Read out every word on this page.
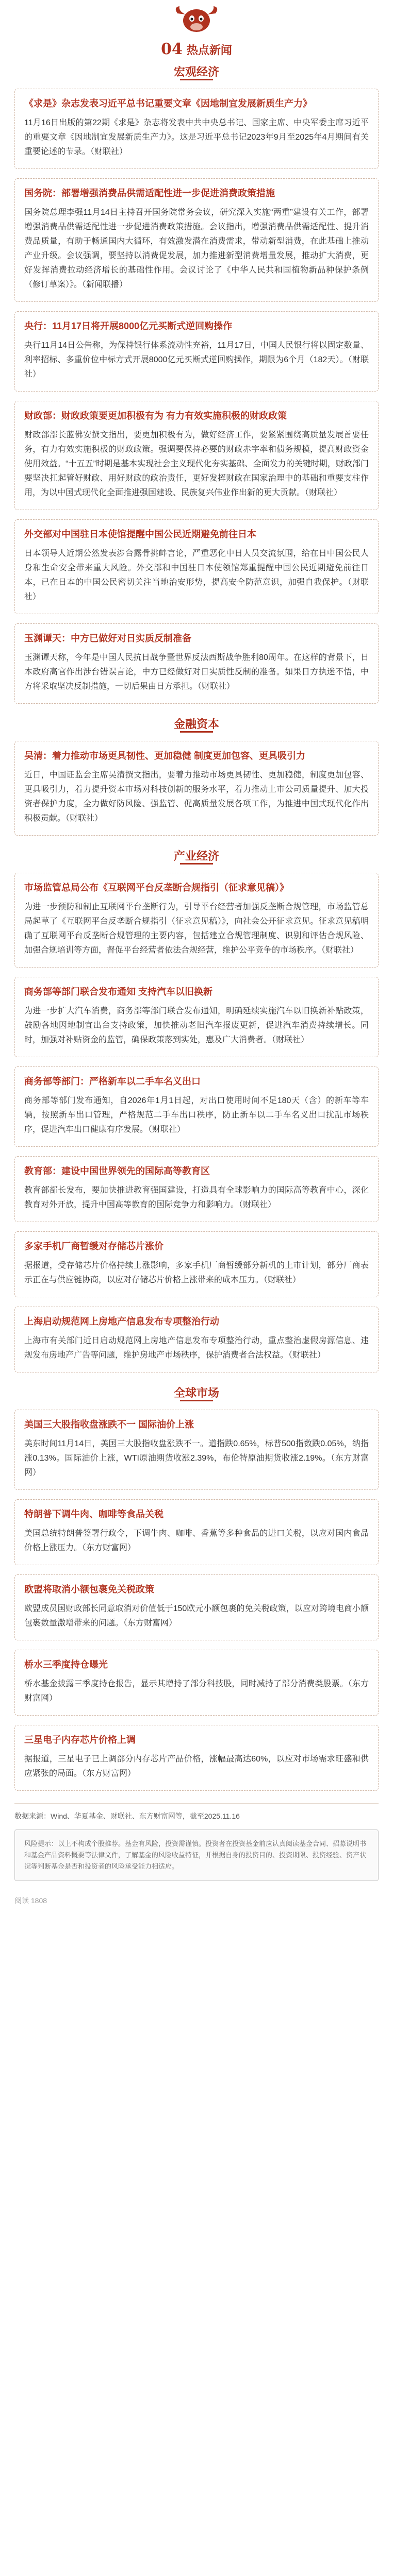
04 热点新闻
宏观经济
《求是》杂志发表习近平总书记重要文章《因地制宜发展新质生产力》

11月16日出版的第22期《求是》杂志将发表中共中央总书记、国家主席、中央军委主席习近平的重要文章《因地制宜发展新质生产力》。这是习近平总书记2023年9月至2025年4月期间有关重要论述的节录。（财联社）

国务院：部署增强消费品供需适配性进一步促进消费政策措施

国务院总理李强11月14日主持召开国务院常务会议，研究深入实施“两重”建设有关工作，部署增强消费品供需适配性进一步促进消费政策措施。会议指出，增强消费品供需适配性、提升消费品质量，有助于畅通国内大循环，有效激发潜在消费需求，带动新型消费，在此基础上推动产业升级。会议强调，要坚持以消费促发展，加力推进新型消费增量发展，推动扩大消费，更好发挥消费拉动经济增长的基础性作用。会议讨论了《中华人民共和国植物新品种保护条例（修订草案）》。（新闻联播）

央行：11月17日将开展8000亿元买断式逆回购操作

央行11月14日公告称，为保持银行体系流动性充裕，11月17日，中国人民银行将以固定数量、利率招标、多重价位中标方式开展8000亿元买断式逆回购操作，期限为6个月（182天）。（财联社）

财政部：财政政策要更加积极有为 有力有效实施积极的财政政策

财政部部长蓝佛安撰文指出，要更加积极有为，做好经济工作，要紧紧围绕高质量发展首要任务，有力有效实施积极的财政政策。强调要保持必要的财政赤字率和债务规模，提高财政资金使用效益。“十五五”时期是基本实现社会主义现代化夯实基础、全面发力的关键时期，财政部门要坚决扛起管好财政、用好财政的政治责任，更好发挥财政在国家治理中的基础和重要支柱作用，为以中国式现代化全面推进强国建设、民族复兴伟业作出新的更大贡献。（财联社）

外交部对中国驻日本使馆提醒中国公民近期避免前往日本

日本领导人近期公然发表涉台露骨挑衅言论，严重恶化中日人员交流氛围，给在日中国公民人身和生命安全带来重大风险。外交部和中国驻日本使领馆郑重提醒中国公民近期避免前往日本，已在日本的中国公民密切关注当地治安形势，提高安全防范意识，加强自我保护。（财联社）

玉渊谭天：中方已做好对日实质反制准备

玉渊谭天称，今年是中国人民抗日战争暨世界反法西斯战争胜利80周年。在这样的背景下，日本政府高官作出涉台错误言论，中方已经做好对日实质性反制的准备。如果日方执迷不悟，中方将采取坚决反制措施，一切后果由日方承担。（财联社）

金融资本
吴清：着力推动市场更具韧性、更加稳健 制度更加包容、更具吸引力

近日，中国证监会主席吴清撰文指出，要着力推动市场更具韧性、更加稳健，制度更加包容、更具吸引力，着力提升资本市场对科技创新的服务水平，着力推动上市公司质量提升、加大投资者保护力度，全力做好防风险、强监管、促高质量发展各项工作，为推进中国式现代化作出积极贡献。（财联社）

产业经济
市场监管总局公布《互联网平台反垄断合规指引（征求意见稿）》

为进一步预防和制止互联网平台垄断行为，引导平台经营者加强反垄断合规管理，市场监管总局起草了《互联网平台反垄断合规指引（征求意见稿）》，向社会公开征求意见。征求意见稿明确了互联网平台反垄断合规管理的主要内容，包括建立合规管理制度、识别和评估合规风险、加强合规培训等方面，督促平台经营者依法合规经营，维护公平竞争的市场秩序。（财联社）

商务部等部门联合发布通知 支持汽车以旧换新

为进一步扩大汽车消费，商务部等部门联合发布通知，明确延续实施汽车以旧换新补贴政策，鼓励各地因地制宜出台支持政策，加快推动老旧汽车报废更新，促进汽车消费持续增长。同时，加强对补贴资金的监管，确保政策落到实处，惠及广大消费者。（财联社）

商务部等部门：严格新车以二手车名义出口

商务部等部门发布通知，自2026年1月1日起，对出口使用时间不足180天（含）的新车等车辆，按照新车出口管理，严格规范二手车出口秩序，防止新车以二手车名义出口扰乱市场秩序，促进汽车出口健康有序发展。（财联社）

教育部：建设中国世界领先的国际高等教育区

教育部部长发布，要加快推进教育强国建设，打造具有全球影响力的国际高等教育中心，深化教育对外开放，提升中国高等教育的国际竞争力和影响力。（财联社）

多家手机厂商暂缓对存储芯片涨价

据报道，受存储芯片价格持续上涨影响，多家手机厂商暂缓部分新机的上市计划，部分厂商表示正在与供应链协商，以应对存储芯片价格上涨带来的成本压力。（财联社）

上海启动规范网上房地产信息发布专项整治行动

上海市有关部门近日启动规范网上房地产信息发布专项整治行动，重点整治虚假房源信息、违规发布房地产广告等问题，维护房地产市场秩序，保护消费者合法权益。（财联社）

全球市场
美国三大股指收盘涨跌不一 国际油价上涨

美东时间11月14日，美国三大股指收盘涨跌不一。道指跌0.65%，标普500指数跌0.05%，纳指涨0.13%。国际油价上涨，WTI原油期货收涨2.39%，布伦特原油期货收涨2.19%。（东方财富网）

特朗普下调牛肉、咖啡等食品关税

美国总统特朗普签署行政令，下调牛肉、咖啡、香蕉等多种食品的进口关税，以应对国内食品价格上涨压力。（东方财富网）

欧盟将取消小额包裹免关税政策

欧盟成员国财政部长同意取消对价值低于150欧元小额包裹的免关税政策，以应对跨境电商小额包裹数量激增带来的问题。（东方财富网）

桥水三季度持仓曝光

桥水基金披露三季度持仓报告，显示其增持了部分科技股，同时减持了部分消费类股票。（东方财富网）

三星电子内存芯片价格上调

据报道，三星电子已上调部分内存芯片产品价格，涨幅最高达60%，以应对市场需求旺盛和供应紧张的局面。（东方财富网）

数据来源：Wind、华夏基金、财联社、东方财富网等，截至2025.11.16
风险提示：以上不构成个股推荐。基金有风险，投资需谨慎。投资者在投资基金前应认真阅读基金合同、招募说明书和基金产品资料概要等法律文件，了解基金的风险收益特征，并根据自身的投资目的、投资期限、投资经验、资产状况等判断基金是否和投资者的风险承受能力相适应。
阅读 1808
